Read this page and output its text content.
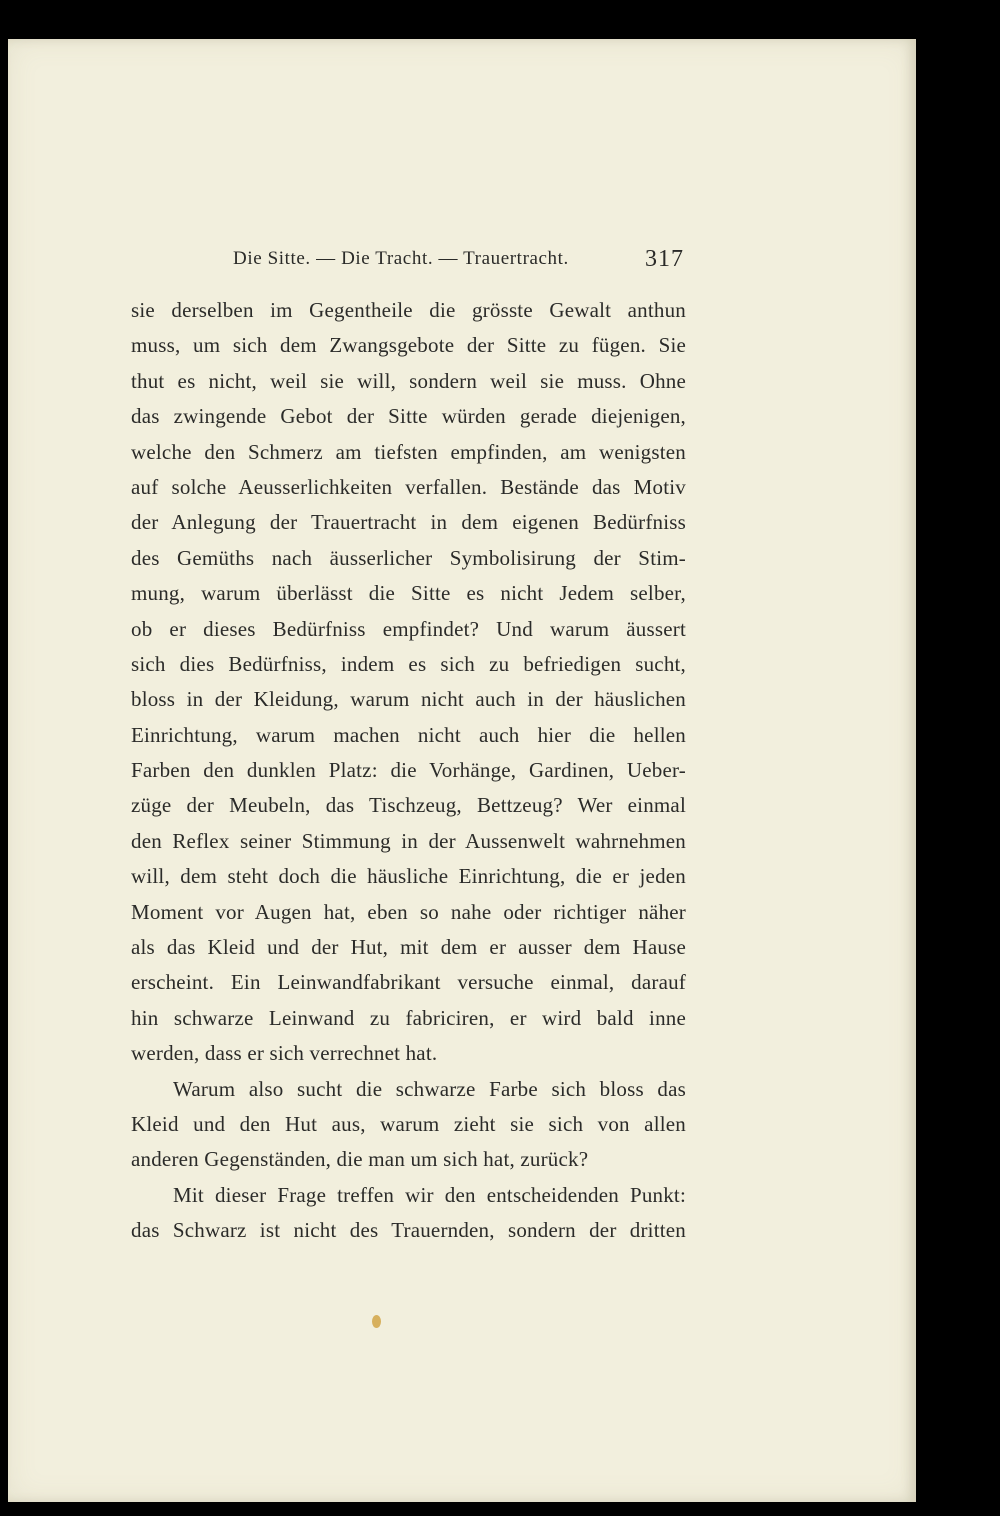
Die Sitte. — Die Tracht. — Trauertracht.	317
sie derselben im Gegentheile die grösste Gewalt anthun
muss, um sich dem Zwangsgebote der Sitte zu fügen. Sie
thut es nicht, weil sie will, sondern weil sie muss. Ohne
das zwingende Gebot der Sitte würden gerade diejenigen,
welche den Schmerz am tiefsten empfinden, am wenigsten
auf solche Aeusserlichkeiten verfallen. Bestände das Motiv
der Anlegung der Trauertracht in dem eigenen Bedürfniss
des Gemüths nach äusserlicher Symbolisirung der Stim-
mung, warum überlässt die Sitte es nicht Jedem selber,
ob er dieses Bedürfniss empfindet? Und warum äussert
sich dies Bedürfniss, indem es sich zu befriedigen sucht,
bloss in der Kleidung, warum nicht auch in der häuslichen
Einrichtung, warum machen nicht auch hier die hellen
Farben den dunklen Platz: die Vorhänge, Gardinen, Ueber-
züge der Meubeln, das Tischzeug, Bettzeug? Wer einmal
den Reflex seiner Stimmung in der Aussenwelt wahrnehmen
will, dem steht doch die häusliche Einrichtung, die er jeden
Moment vor Augen hat, eben so nahe oder richtiger näher
als das Kleid und der Hut, mit dem er ausser dem Hause
erscheint. Ein Leinwandfabrikant versuche einmal, darauf
hin schwarze Leinwand zu fabriciren, er wird bald inne
werden, dass er sich verrechnet hat.
Warum also sucht die schwarze Farbe sich bloss das
Kleid und den Hut aus, warum zieht sie sich von allen
anderen Gegenständen, die man um sich hat, zurück?
Mit dieser Frage treffen wir den entscheidenden Punkt:
das Schwarz ist nicht des Trauernden, sondern der dritten
